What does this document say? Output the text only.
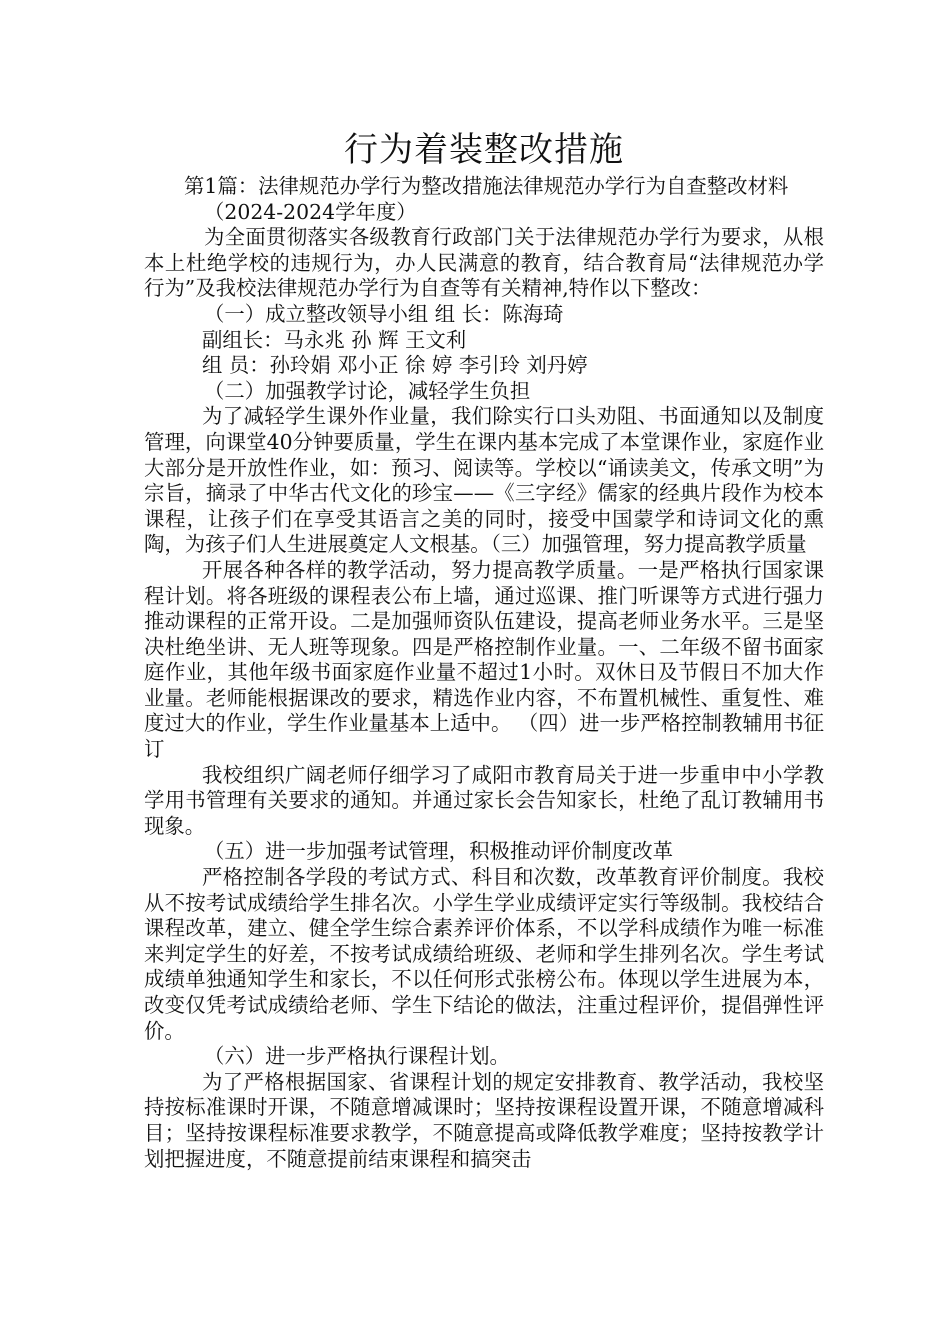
行为着装整改措施

第1篇：法律规范办学行为整改措施法律规范办学行为自查整改材料

（2024-2024学年度）

为全面贯彻落实各级教育行政部门关于法律规范办学行为要求，从根本上杜绝学校的违规行为，办人民满意的教育，结合教育局“法律规范办学行为”及我校法律规范办学行为自查等有关精神,特作以下整改：

（一）成立整改领导小组 组 长：陈海琦

副组长：马永兆 孙 辉 王文利

组 员：孙玲娟 邓小正 徐 婷 李引玲 刘丹婷

（二）加强教学讨论，减轻学生负担

为了减轻学生课外作业量，我们除实行口头劝阻、书面通知以及制度管理，向课堂40分钟要质量，学生在课内基本完成了本堂课作业，家庭作业大部分是开放性作业，如：预习、阅读等。学校以“诵读美文，传承文明”为宗旨，摘录了中华古代文化的珍宝——《三字经》儒家的经典片段作为校本课程，让孩子们在享受其语言之美的同时，接受中国蒙学和诗词文化的熏陶，为孩子们人生进展奠定人文根基。（三）加强管理，努力提高教学质量

开展各种各样的教学活动，努力提高教学质量。一是严格执行国家课程计划。将各班级的课程表公布上墙，通过巡课、推门听课等方式进行强力推动课程的正常开设。二是加强师资队伍建设，提高老师业务水平。三是坚决杜绝坐讲、无人班等现象。四是严格控制作业量。一、二年级不留书面家庭作业，其他年级书面家庭作业量不超过1小时。双休日及节假日不加大作业量。老师能根据课改的要求，精选作业内容，不布置机械性、重复性、难度过大的作业，学生作业量基本上适中。 （四）进一步严格控制教辅用书征订

我校组织广阔老师仔细学习了咸阳市教育局关于进一步重申中小学教学用书管理有关要求的通知。并通过家长会告知家长，杜绝了乱订教辅用书现象。

（五）进一步加强考试管理，积极推动评价制度改革

严格控制各学段的考试方式、科目和次数，改革教育评价制度。我校从不按考试成绩给学生排名次。小学生学业成绩评定实行等级制。我校结合课程改革，建立、健全学生综合素养评价体系，不以学科成绩作为唯一标准来判定学生的好差，不按考试成绩给班级、老师和学生排列名次。学生考试成绩单独通知学生和家长，不以任何形式张榜公布。体现以学生进展为本，改变仅凭考试成绩给老师、学生下结论的做法，注重过程评价，提倡弹性评价。

（六）进一步严格执行课程计划。

为了严格根据国家、省课程计划的规定安排教育、教学活动，我校坚持按标准课时开课，不随意增减课时；坚持按课程设置开课，不随意增减科目；坚持按课程标准要求教学，不随意提高或降低教学难度；坚持按教学计划把握进度，不随意提前结束课程和搞突击
